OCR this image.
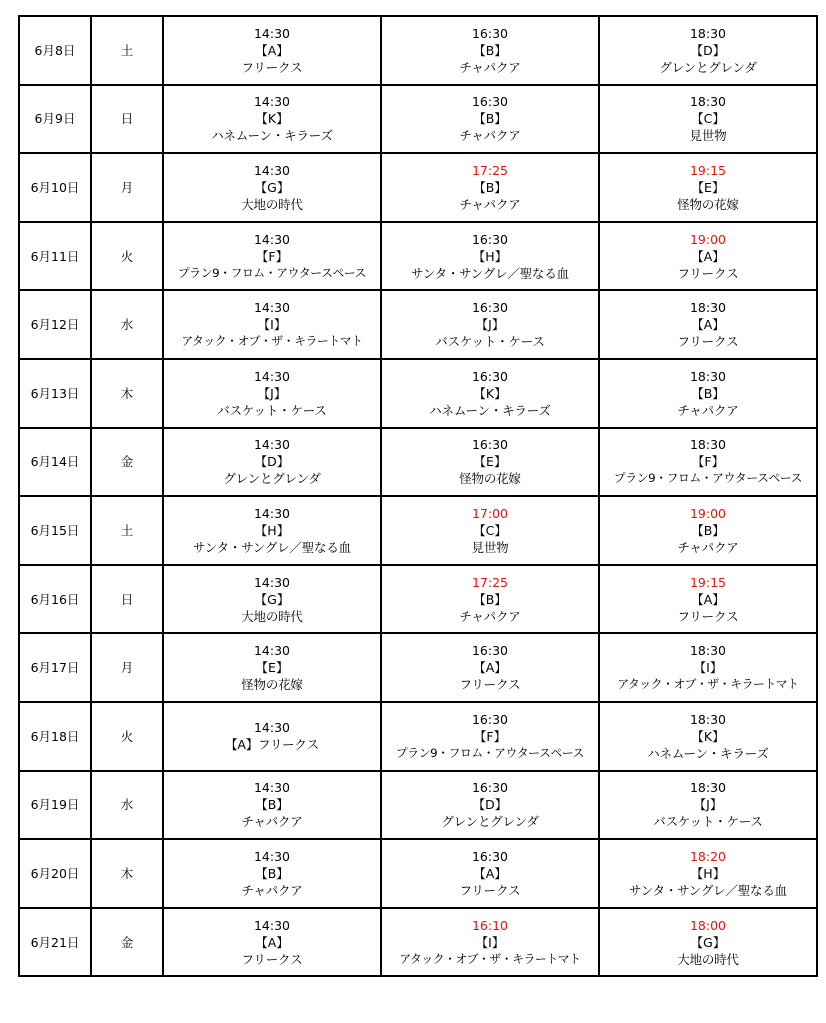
6月8日	土	14:30
【A】
フリークス	16:30
【B】
チャパクア	18:30
【D】
グレンとグレンダ

6月9日	日	14:30
【K】
ハネムーン・キラーズ	16:30
【B】
チャパクア	18:30
【C】
見世物

6月10日	月	14:30
【G】
大地の時代	17:25
【B】
チャパクア	19:15
【E】
怪物の花嫁

6月11日	火	14:30
【F】
プラン9・フロム・アウタースペース	16:30
【H】
サンタ・サングレ／聖なる血	19:00
【A】
フリークス

6月12日	水	14:30
【I】
アタック・オブ・ザ・キラートマト	16:30
【J】
バスケット・ケース	18:30
【A】
フリークス

6月13日	木	14:30
【J】
バスケット・ケース	16:30
【K】
ハネムーン・キラーズ	18:30
【B】
チャパクア

6月14日	金	14:30
【D】
グレンとグレンダ	16:30
【E】
怪物の花嫁	18:30
【F】
プラン9・フロム・アウタースペース

6月15日	土	14:30
【H】
サンタ・サングレ／聖なる血	17:00
【C】
見世物	19:00
【B】
チャパクア

6月16日	日	14:30
【G】
大地の時代	17:25
【B】
チャパクア	19:15
【A】
フリークス

6月17日	月	14:30
【E】
怪物の花嫁	16:30
【A】
フリークス	18:30
【I】
アタック・オブ・ザ・キラートマト

6月18日	火	14:30
【A】フリークス	16:30
【F】
プラン9・フロム・アウタースペース	18:30
【K】
ハネムーン・キラーズ

6月19日	水	14:30
【B】
チャパクア	16:30
【D】
グレンとグレンダ	18:30
【J】
バスケット・ケース

6月20日	木	14:30
【B】
チャパクア	16:30
【A】
フリークス	18:20
【H】
サンタ・サングレ／聖なる血

6月21日	金	14:30
【A】
フリークス	16:10
【I】
アタック・オブ・ザ・キラートマト	18:00
【G】
大地の時代
